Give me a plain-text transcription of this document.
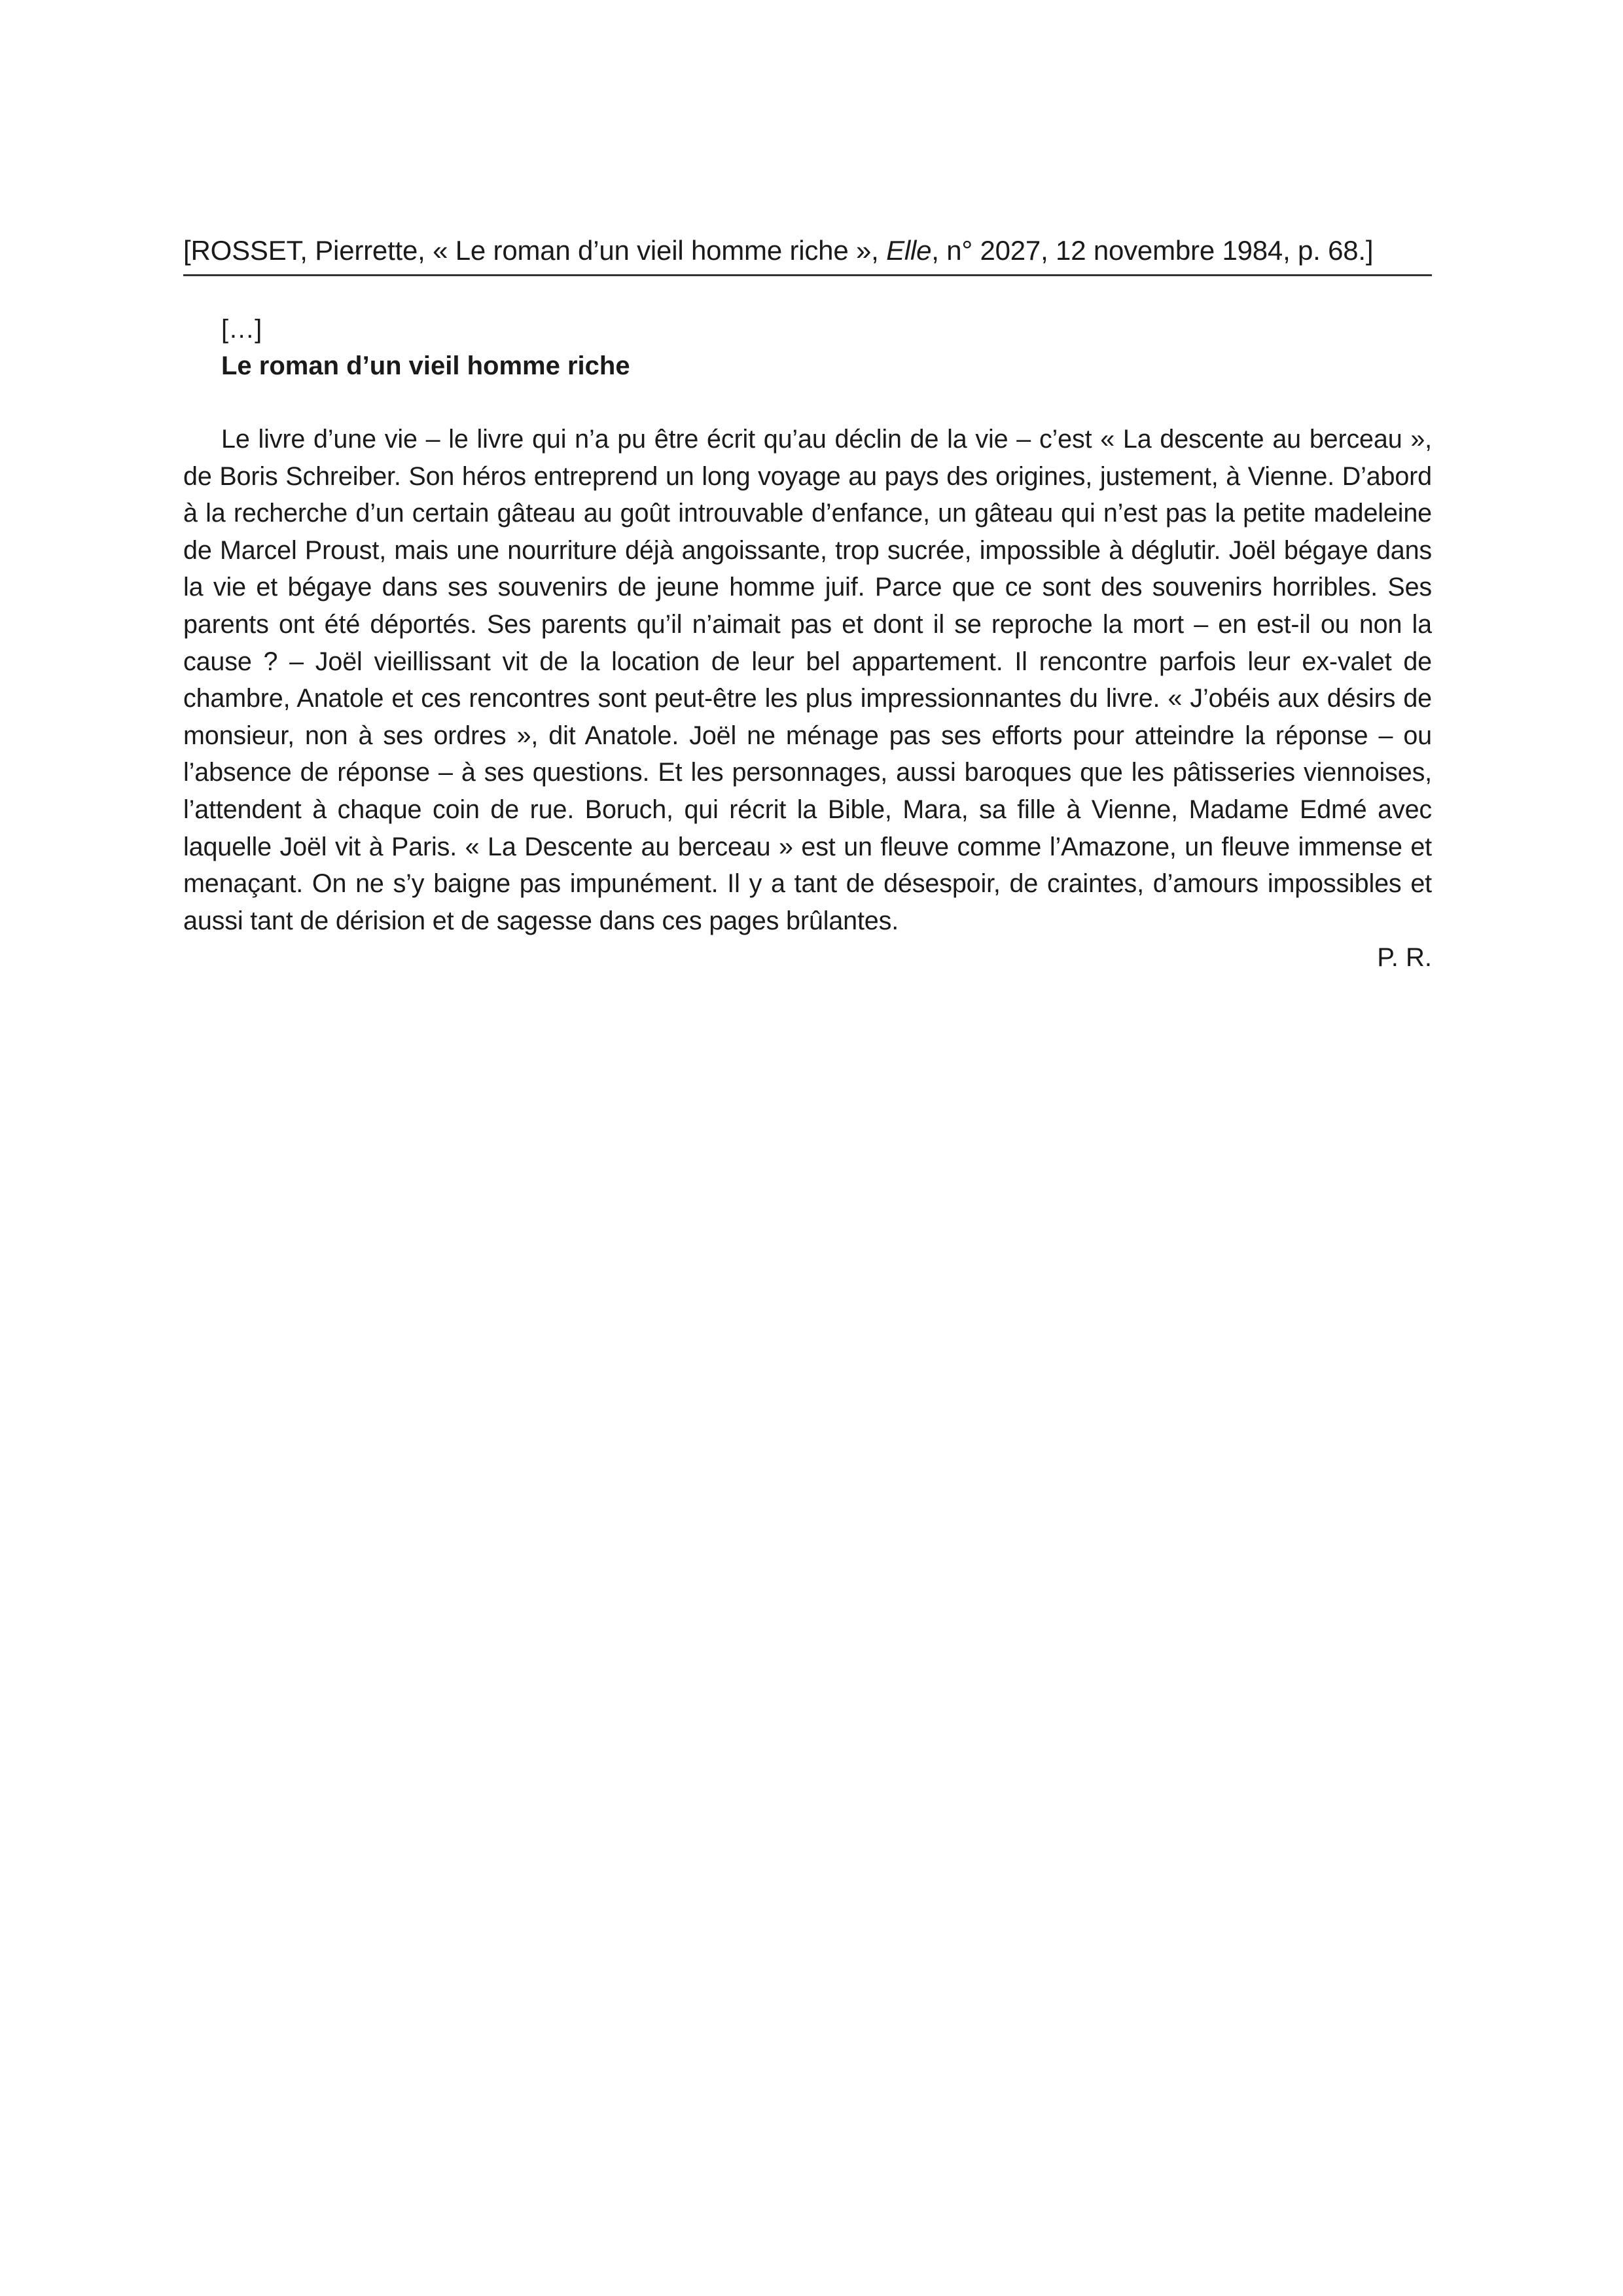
[ROSSET, Pierrette, « Le roman d’un vieil homme riche », Elle, n° 2027, 12 novembre 1984, p. 68.]
[…]
Le roman d’un vieil homme riche

Le livre d’une vie – le livre qui n’a pu être écrit qu’au déclin de la vie – c’est « La descente au berceau », de Boris Schreiber. Son héros entreprend un long voyage au pays des origines, justement, à Vienne. D’abord à la recherche d’un certain gâteau au goût introuvable d’enfance, un gâteau qui n’est pas la petite madeleine de Marcel Proust, mais une nourriture déjà angoissante, trop sucrée, impossible à déglutir. Joël bégaye dans la vie et bégaye dans ses souvenirs de jeune homme juif. Parce que ce sont des souvenirs horribles. Ses parents ont été déportés. Ses parents qu’il n’aimait pas et dont il se reproche la mort – en est-il ou non la cause ? – Joël vieillissant vit de la location de leur bel appartement. Il rencontre parfois leur ex-valet de chambre, Anatole et ces rencontres sont peut-être les plus impressionnantes du livre. « J’obéis aux désirs de monsieur, non à ses ordres », dit Anatole. Joël ne ménage pas ses efforts pour atteindre la réponse – ou l’absence de réponse – à ses questions. Et les personnages, aussi baroques que les pâtisseries viennoises, l’attendent à chaque coin de rue. Boruch, qui récrit la Bible, Mara, sa fille à Vienne, Madame Edmé avec laquelle Joël vit à Paris. « La Descente au berceau » est un fleuve comme l’Amazone, un fleuve immense et menaçant. On ne s’y baigne pas impunément. Il y a tant de désespoir, de craintes, d’amours impossibles et aussi tant de dérision et de sagesse dans ces pages brûlantes.

P. R.
